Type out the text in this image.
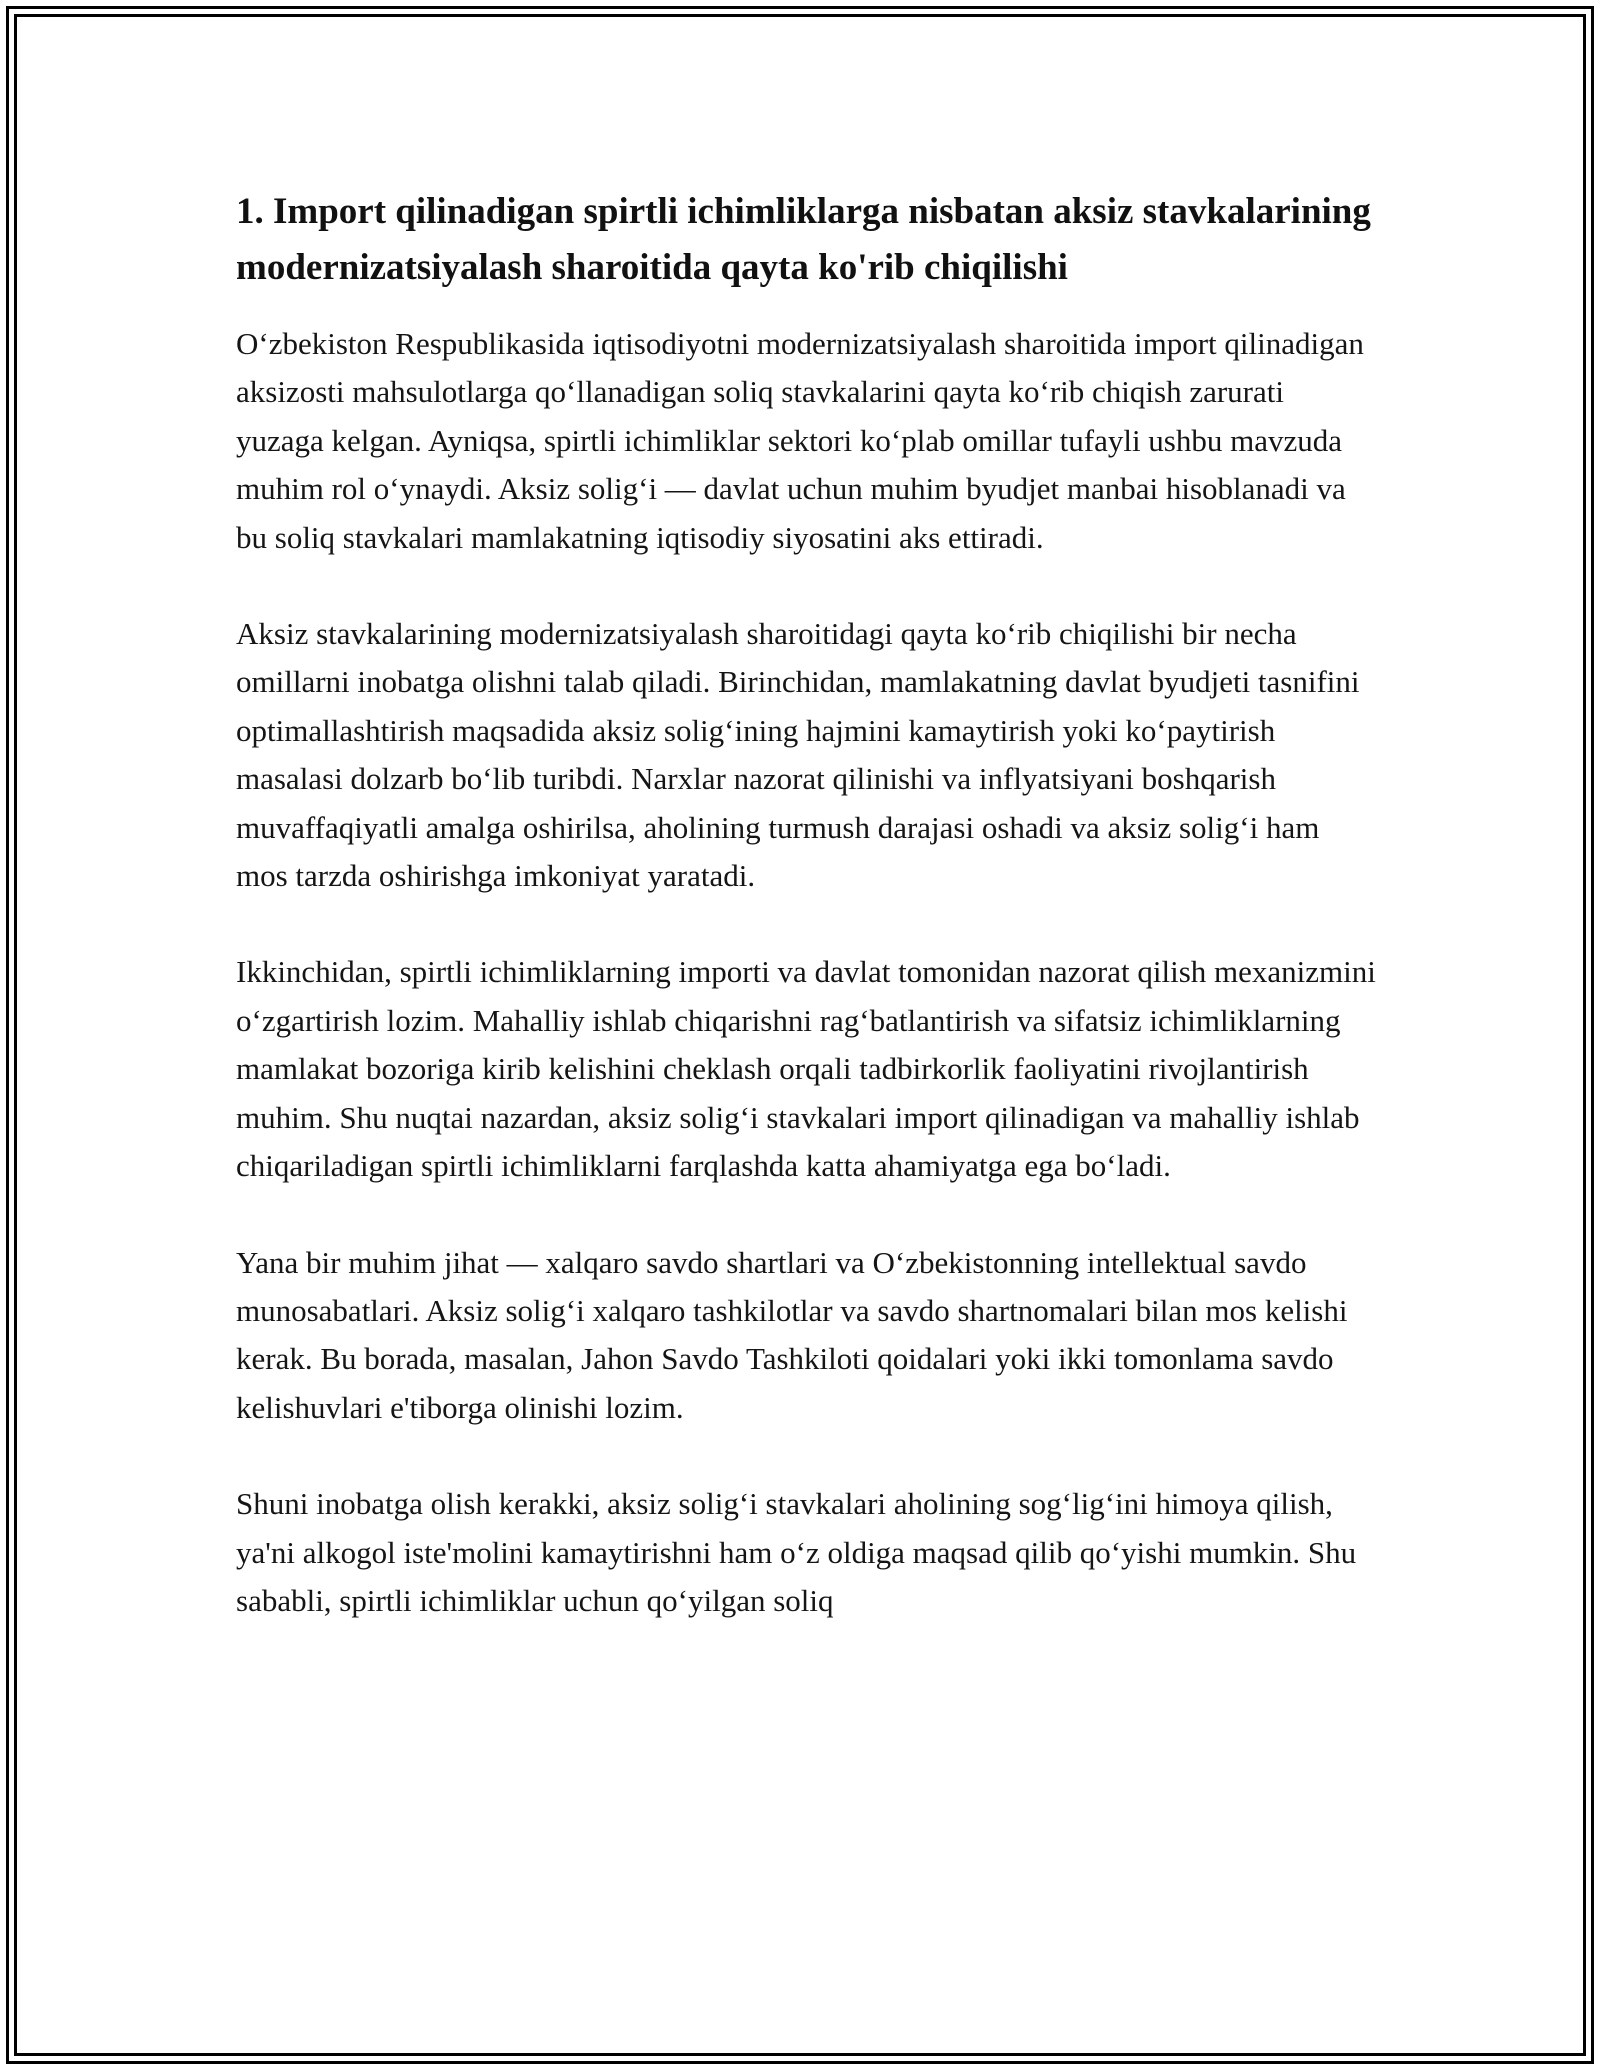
1. Import qilinadigan spirtli ichimliklarga nisbatan aksiz stavkalarining modernizatsiyalash sharoitida qayta ko'rib chiqilishi

O‘zbekiston Respublikasida iqtisodiyotni modernizatsiyalash sharoitida import qilinadigan aksizosti mahsulotlarga qo‘llanadigan soliq stavkalarini qayta ko‘rib chiqish zarurati yuzaga kelgan. Ayniqsa, spirtli ichimliklar sektori ko‘plab omillar tufayli ushbu mavzuda muhim rol o‘ynaydi. Aksiz solig‘i — davlat uchun muhim byudjet manbai hisoblanadi va bu soliq stavkalari mamlakatning iqtisodiy siyosatini aks ettiradi.

Aksiz stavkalarining modernizatsiyalash sharoitidagi qayta ko‘rib chiqilishi bir necha omillarni inobatga olishni talab qiladi. Birinchidan, mamlakatning davlat byudjeti tasnifini optimallashtirish maqsadida aksiz solig‘ining hajmini kamaytirish yoki ko‘paytirish masalasi dolzarb bo‘lib turibdi. Narxlar nazorat qilinishi va inflyatsiyani boshqarish muvaffaqiyatli amalga oshirilsa, aholining turmush darajasi oshadi va aksiz solig‘i ham mos tarzda oshirishga imkoniyat yaratadi.

Ikkinchidan, spirtli ichimliklarning importi va davlat tomonidan nazorat qilish mexanizmini o‘zgartirish lozim. Mahalliy ishlab chiqarishni rag‘batlantirish va sifatsiz ichimliklarning mamlakat bozoriga kirib kelishini cheklash orqali tadbirkorlik faoliyatini rivojlantirish muhim. Shu nuqtai nazardan, aksiz solig‘i stavkalari import qilinadigan va mahalliy ishlab chiqariladigan spirtli ichimliklarni farqlashda katta ahamiyatga ega bo‘ladi.

Yana bir muhim jihat — xalqaro savdo shartlari va O‘zbekistonning intellektual savdo munosabatlari. Aksiz solig‘i xalqaro tashkilotlar va savdo shartnomalari bilan mos kelishi kerak. Bu borada, masalan, Jahon Savdo Tashkiloti qoidalari yoki ikki tomonlama savdo kelishuvlari e'tiborga olinishi lozim.

Shuni inobatga olish kerakki, aksiz solig‘i stavkalari aholining sog‘lig‘ini himoya qilish, ya'ni alkogol iste'molini kamaytirishni ham o‘z oldiga maqsad qilib qo‘yishi mumkin. Shu sababli, spirtli ichimliklar uchun qo‘yilgan soliq
